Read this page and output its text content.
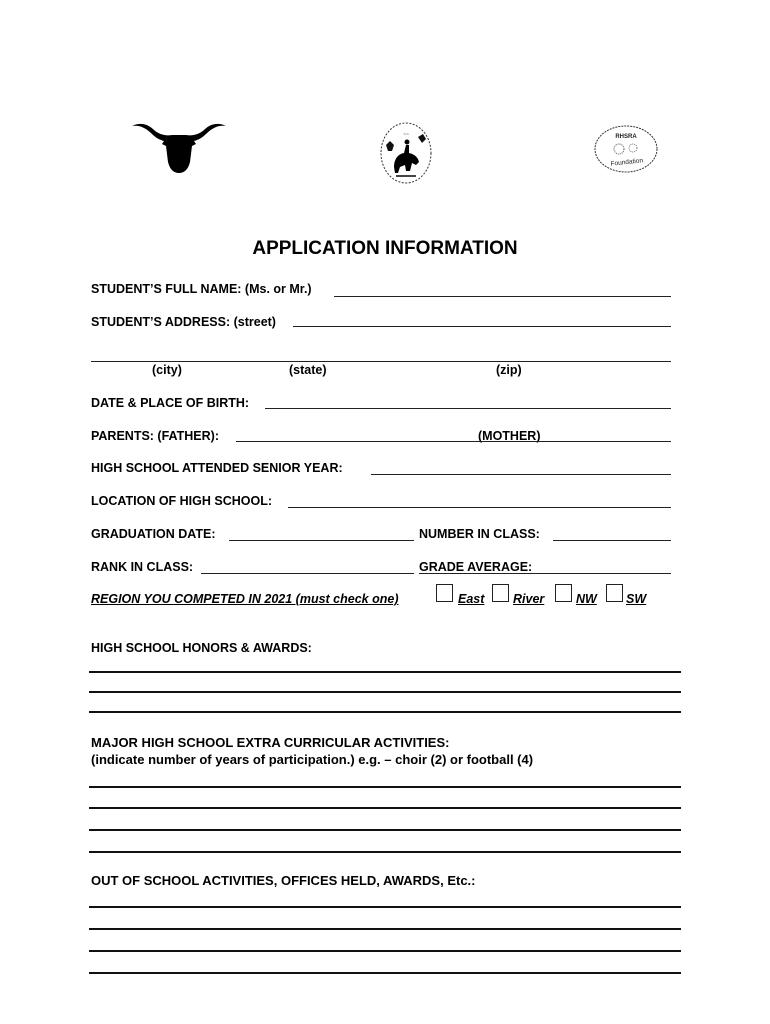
~~	RHSRA
Foundation
APPLICATION INFORMATION
STUDENT’S FULL NAME: (Ms. or Mr.)
STUDENT’S ADDRESS: (street)
(city)	(state)	(zip)
DATE & PLACE OF BIRTH:
PARENTS: (FATHER):	(MOTHER)
HIGH SCHOOL ATTENDED SENIOR YEAR:
LOCATION OF HIGH SCHOOL:
GRADUATION DATE:	NUMBER IN CLASS:
RANK IN CLASS:	GRADE AVERAGE:
REGION YOU COMPETED IN 2021 (must check one)	East River	NW SW
HIGH SCHOOL HONORS & AWARDS:
MAJOR HIGH SCHOOL EXTRA CURRICULAR ACTIVITIES:
(indicate number of years of participation.) e.g. – choir (2) or football (4)
OUT OF SCHOOL ACTIVITIES, OFFICES HELD, AWARDS, Etc.:
